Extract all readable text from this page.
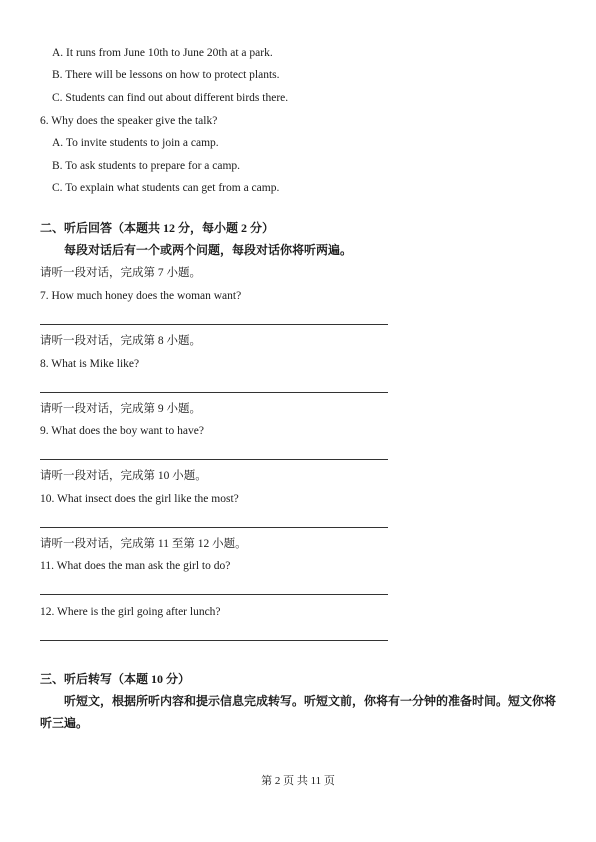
A. It runs from June 10th to June 20th at a park.
B. There will be lessons on how to protect plants.
C. Students can find out about different birds there.
6. Why does the speaker give the talk?
A. To invite students to join a camp.
B. To ask students to prepare for a camp.
C. To explain what students can get from a camp.
二、听后回答（本题共 12 分，每小题 2 分）
每段对话后有一个或两个问题，每段对话你将听两遍。
请听一段对话，完成第 7 小题。
7. How much honey does the woman want?
请听一段对话，完成第 8 小题。
8. What is Mike like?
请听一段对话，完成第 9 小题。
9. What does the boy want to have?
请听一段对话，完成第 10 小题。
10. What insect does the girl like the most?
请听一段对话，完成第 11 至第 12 小题。
11. What does the man ask the girl to do?
12. Where is the girl going after lunch?
三、听后转写（本题 10 分）
听短文，根据所听内容和提示信息完成转写。听短文前，你将有一分钟的准备时间。短文你将听三遍。
第 2 页 共 11 页
